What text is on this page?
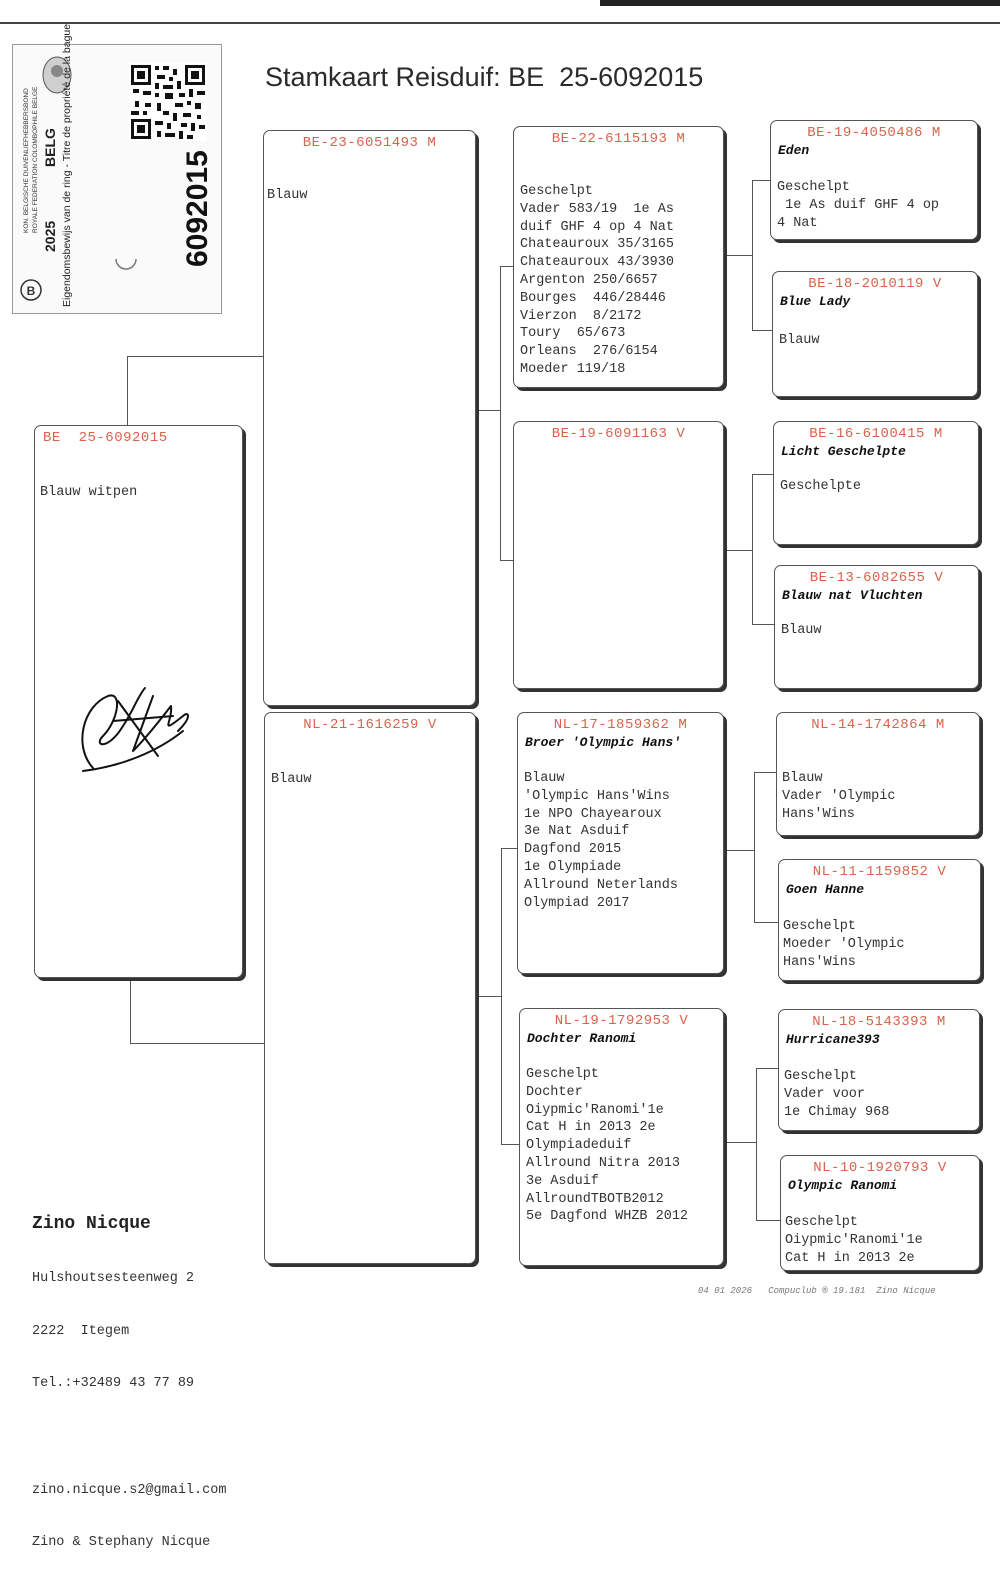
Stamkaart Reisduif: BE  25-6092015
B
KON. BELGISCHE DUIVENLIEFHEBBERSBOND ROYALE FEDERATION COLOMBOPHILE BELGE
2025
BELG Eigendomsbewijs van de ring - Titre de propriété de la bague	6092015
BE  25-6092015
Blauw witpen
BE-23-6051493 M
Blauw
NL-21-1616259 V
Blauw
BE-22-6115193 M
Geschelpt
Vader 583/19  1e As
duif GHF 4 op 4 Nat
Chateauroux 35/3165
Chateauroux 43/3930
Argenton 250/6657
Bourges  446/28446
Vierzon  8/2172
Toury  65/673
Orleans  276/6154
Moeder 119/18
BE-19-6091163 V
NL-17-1859362 M
Broer 'Olympic Hans'
Blauw
'Olympic Hans'Wins
1e NPO Chayearoux
3e Nat Asduif
Dagfond 2015
1e Olympiade
Allround Neterlands
Olympiad 2017
NL-19-1792953 V
Dochter Ranomi
Geschelpt
Dochter
Oiypmic'Ranomi'1e
Cat H in 2013 2e
Olympiadeduif
Allround Nitra 2013
3e Asduif
AllroundTBOTB2012
5e Dagfond WHZB 2012
BE-19-4050486 M
Eden
Geschelpt
1e As duif GHF 4 op
4 Nat
BE-18-2010119 V
Blue Lady
Blauw
BE-16-6100415 M
Licht Geschelpte
Geschelpte
BE-13-6082655 V
Blauw nat Vluchten
Blauw
NL-14-1742864 M
Blauw
Vader 'Olympic
Hans'Wins
NL-11-1159852 V
Goen Hanne
Geschelpt
Moeder 'Olympic
Hans'Wins
NL-18-5143393 M
Hurricane393
Geschelpt
Vader voor
1e Chimay 968
NL-10-1920793 V
Olympic Ranomi
Geschelpt
Oiypmic'Ranomi'1e
Cat H in 2013 2e

Zino Nicque

Hulshoutsesteenweg 2

2222  Itegem

Tel.:+32489 43 77 89

zino.nicque.s2@gmail.com

Zino & Stephany Nicque

04 01 2026   Compuclub ® 19.181  Zino Nicque
